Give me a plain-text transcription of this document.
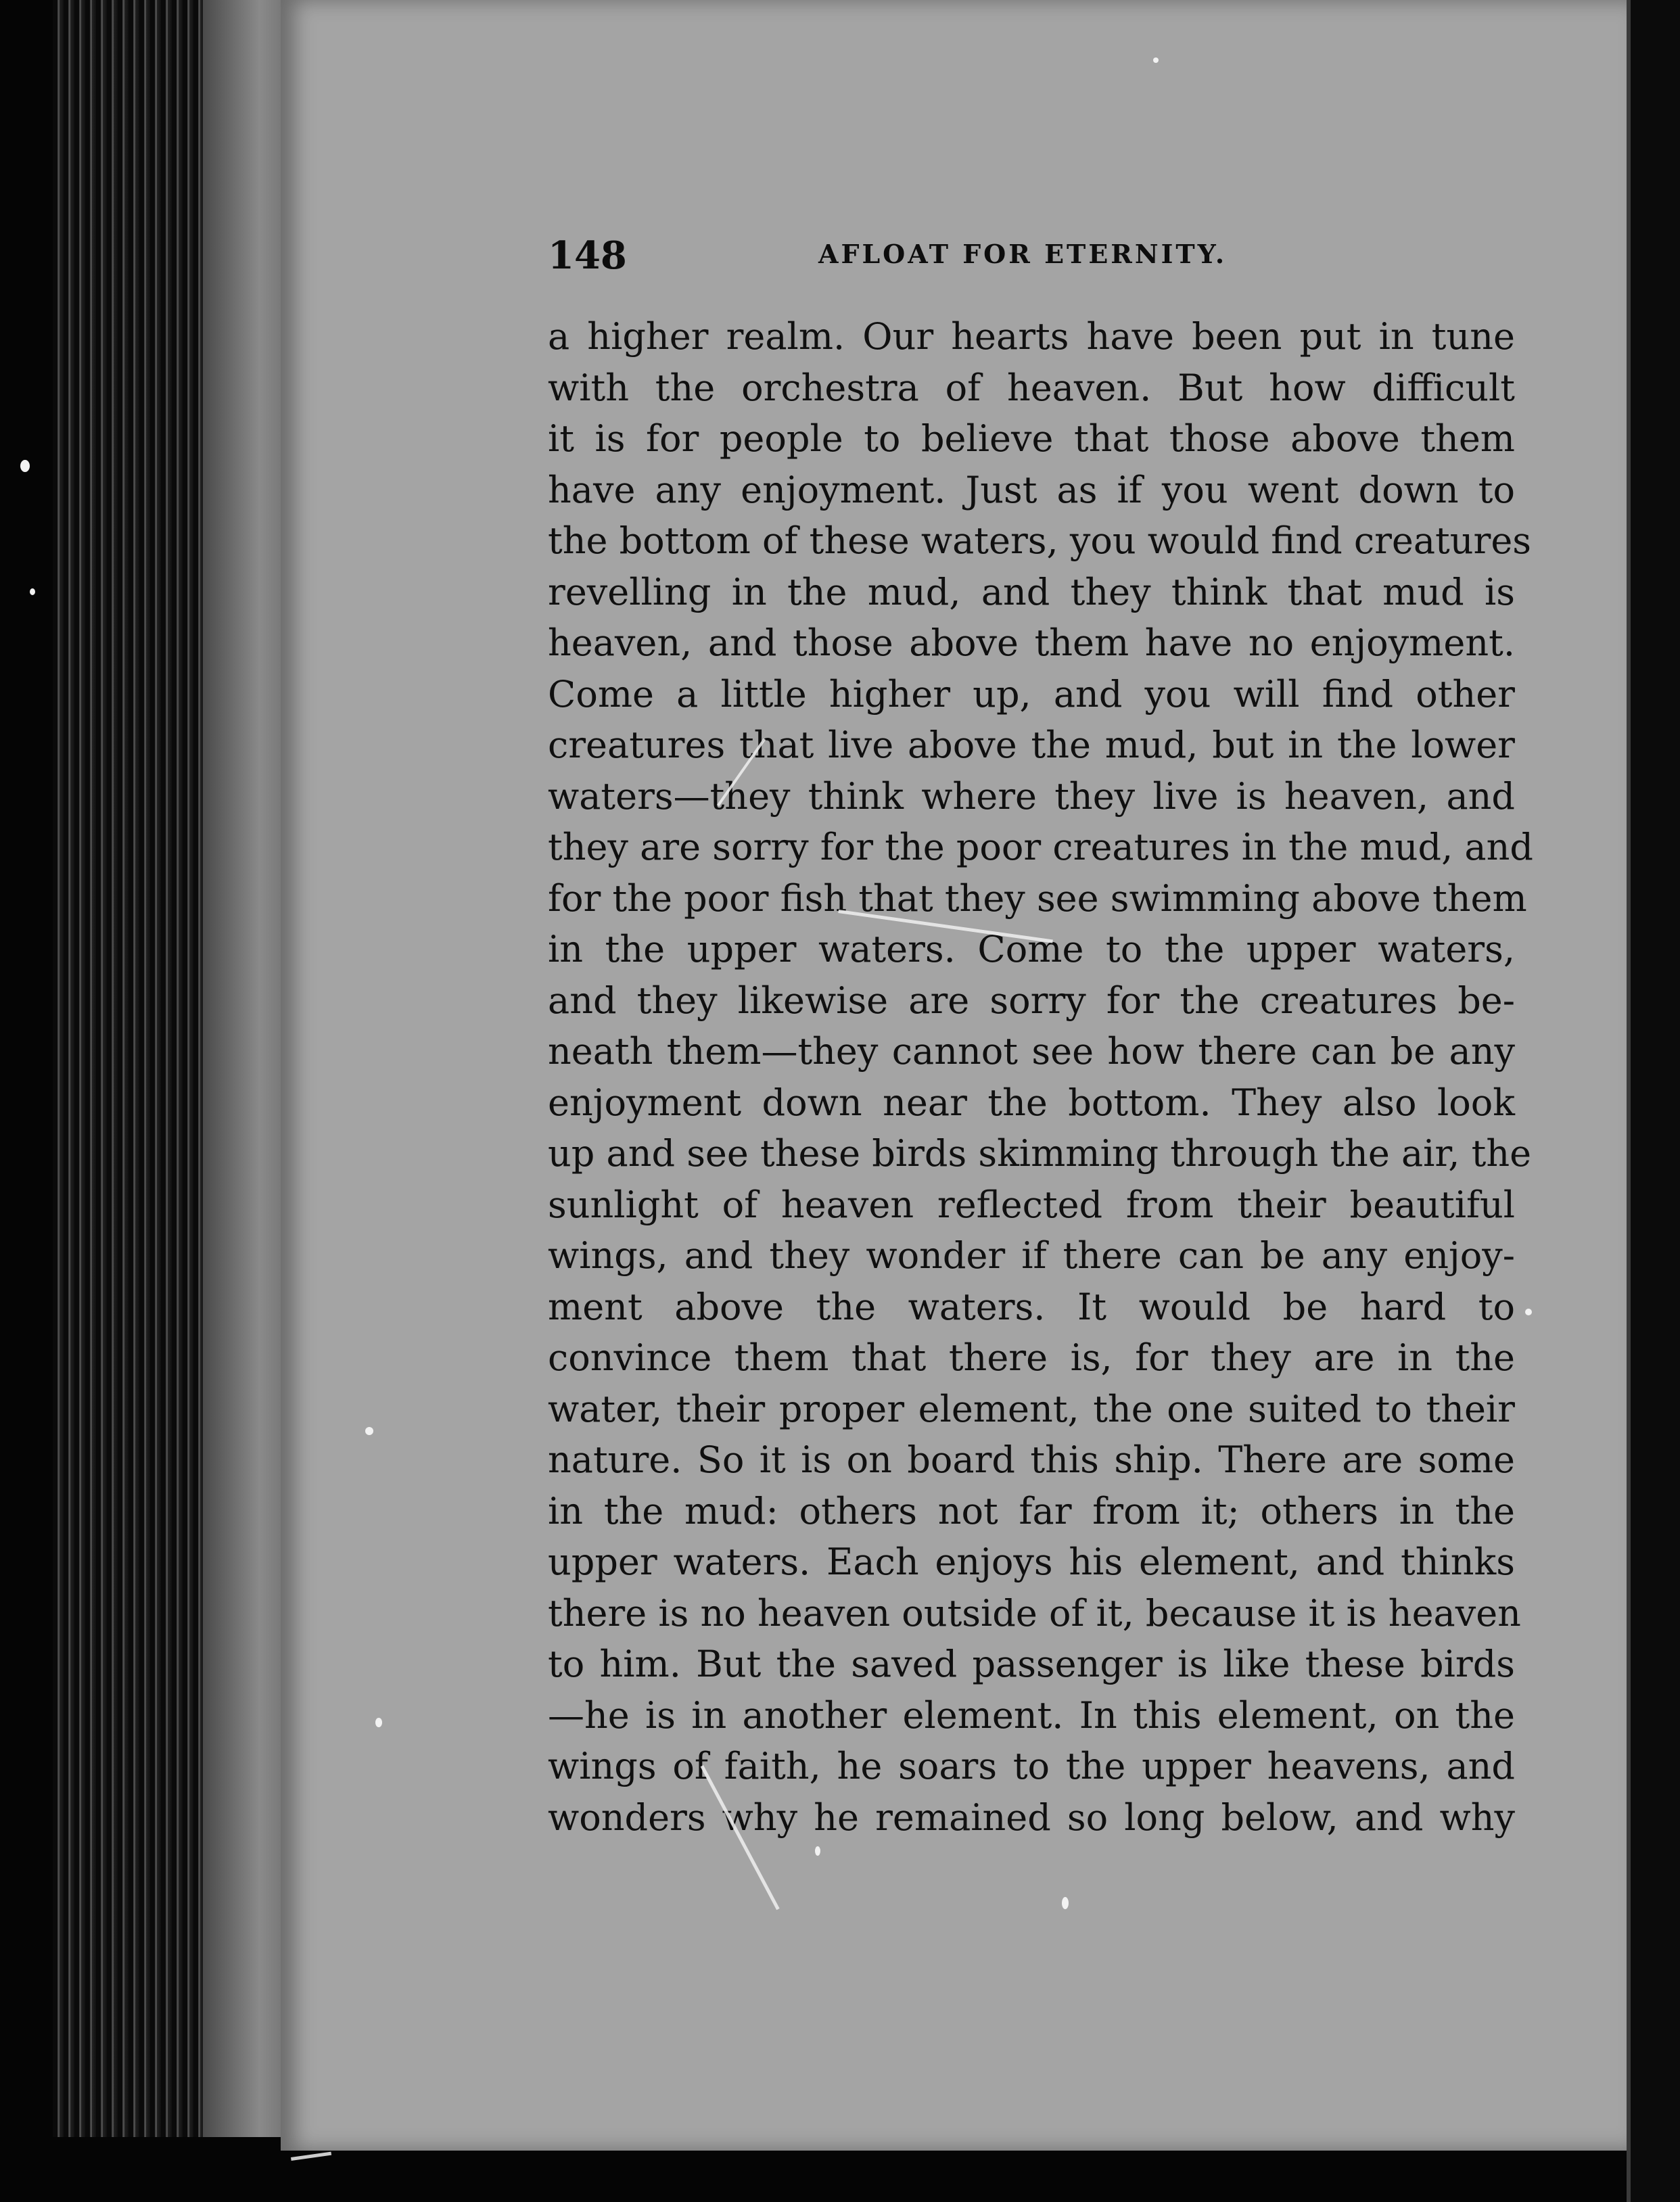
148	AFLOAT FOR ETERNITY.
a higher realm. Our hearts have been put in tune
with the orchestra of heaven. But how difficult
it is for people to believe that those above them
have any enjoyment. Just as if you went down to
the bottom of these waters, you would find creatures
revelling in the mud, and they think that mud is
heaven, and those above them have no enjoyment.
Come a little higher up, and you will find other
creatures that live above the mud, but in the lower
waters—they think where they live is heaven, and
they are sorry for the poor creatures in the mud, and
for the poor fish that they see swimming above them
in the upper waters. Come to the upper waters,
and they likewise are sorry for the creatures be-
neath them—they cannot see how there can be any
enjoyment down near the bottom. They also look
up and see these birds skimming through the air, the
sunlight of heaven reflected from their beautiful
wings, and they wonder if there can be any enjoy-
ment above the waters. It would be hard to
convince them that there is, for they are in the
water, their proper element, the one suited to their
nature. So it is on board this ship. There are some
in the mud: others not far from it; others in the
upper waters. Each enjoys his element, and thinks
there is no heaven outside of it, because it is heaven
to him. But the saved passenger is like these birds
—he is in another element. In this element, on the
wings of faith, he soars to the upper heavens, and
wonders why he remained so long below, and why
